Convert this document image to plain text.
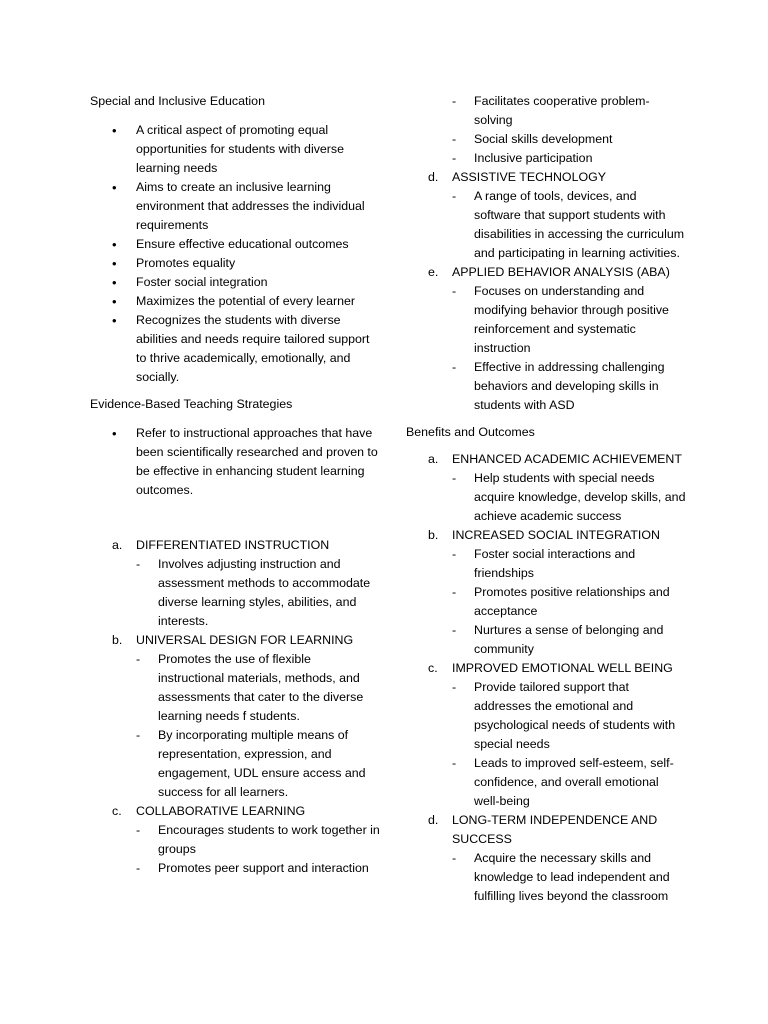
Special and Inclusive Education

• A critical aspect of promoting equal opportunities for students with diverse learning needs
• Aims to create an inclusive learning environment that addresses the individual requirements
• Ensure effective educational outcomes
• Promotes equality
• Foster social integration
• Maximizes the potential of every learner
• Recognizes the students with diverse abilities and needs require tailored support to thrive academically, emotionally, and socially.

Evidence-Based Teaching Strategies

• Refer to instructional approaches that have been scientifically researched and proven to be effective in enhancing student learning outcomes.
a. DIFFERENTIATED INSTRUCTION
- Involves adjusting instruction and assessment methods to accommodate diverse learning styles, abilities, and interests.
b. UNIVERSAL DESIGN FOR LEARNING
- Promotes the use of flexible instructional materials, methods, and assessments that cater to the diverse learning needs f students.
- By incorporating multiple means of representation, expression, and engagement, UDL ensure access and success for all learners.
c. COLLABORATIVE LEARNING
- Encourages students to work together in groups
- Promotes peer support and interaction
- Facilitates cooperative problem-solving
- Social skills development
- Inclusive participation
d. ASSISTIVE TECHNOLOGY
- A range of tools, devices, and software that support students with disabilities in accessing the curriculum and participating in learning activities.
e. APPLIED BEHAVIOR ANALYSIS (ABA)
- Focuses on understanding and modifying behavior through positive reinforcement and systematic instruction
- Effective in addressing challenging behaviors and developing skills in students with ASD

Benefits and Outcomes

a. ENHANCED ACADEMIC ACHIEVEMENT
- Help students with special needs acquire knowledge, develop skills, and achieve academic success
b. INCREASED SOCIAL INTEGRATION
- Foster social interactions and friendships
- Promotes positive relationships and acceptance
- Nurtures a sense of belonging and community
c. IMPROVED EMOTIONAL WELL BEING
- Provide tailored support that addresses the emotional and psychological needs of students with special needs
- Leads to improved self-esteem, self-confidence, and overall emotional well-being
d. LONG-TERM INDEPENDENCE AND SUCCESS
- Acquire the necessary skills and knowledge to lead independent and fulfilling lives beyond the classroom
